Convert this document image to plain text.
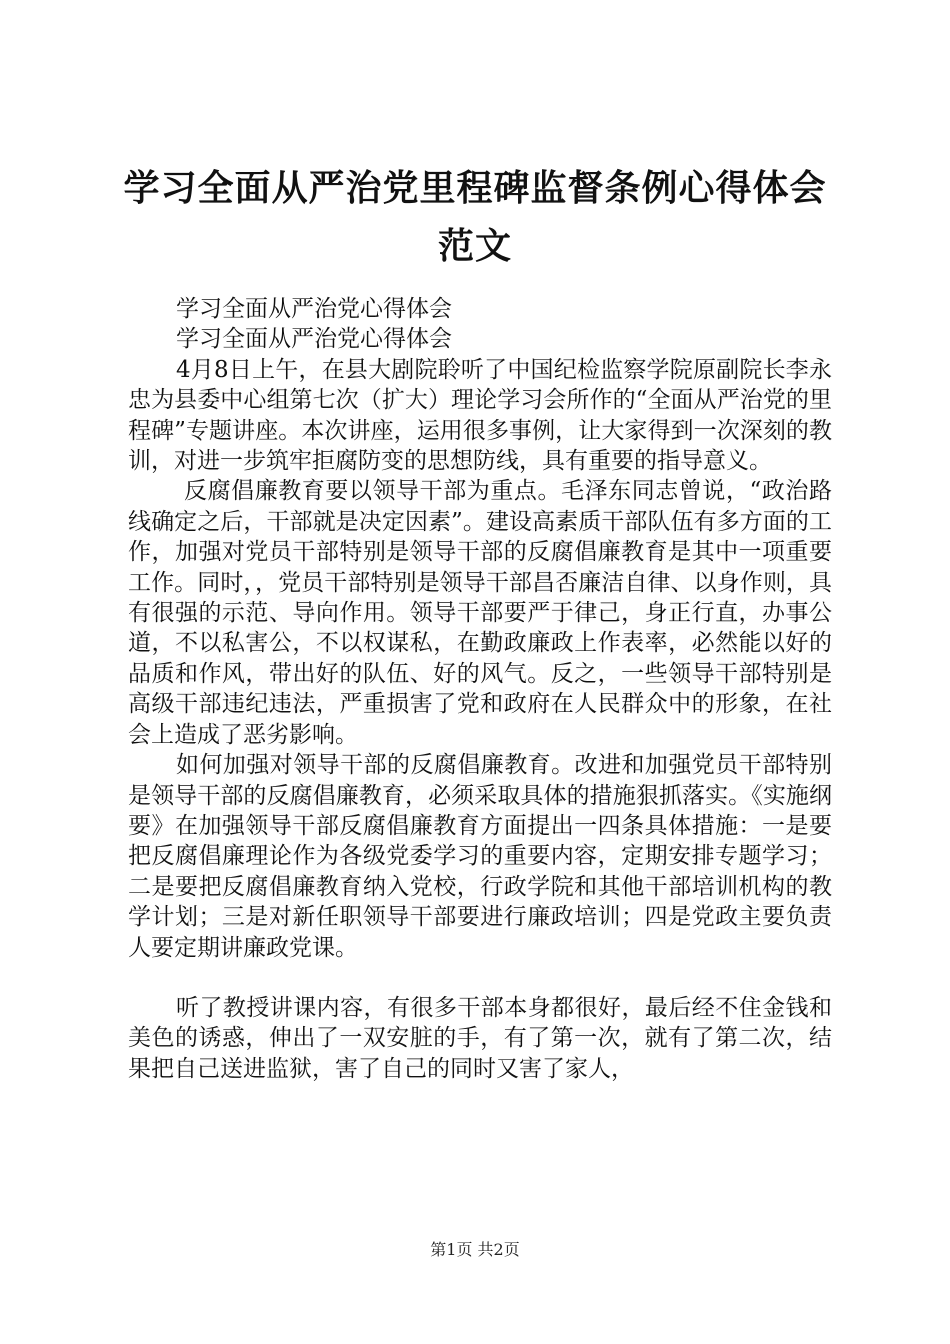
学习全面从严治党里程碑监督条例心得体会范文

学习全面从严治党心得体会

学习全面从严治党心得体会

4月8日上午，在县大剧院聆听了中国纪检监察学院原副院长李永忠为县委中心组第七次（扩大）理论学习会所作的“全面从严治党的里程碑”专题讲座。本次讲座，运用很多事例，让大家得到一次深刻的教训，对进一步筑牢拒腐防变的思想防线，具有重要的指导意义。

反腐倡廉教育要以领导干部为重点。毛泽东同志曾说，“政治路线确定之后，干部就是决定因素”。建设高素质干部队伍有多方面的工作，加强对党员干部特别是领导干部的反腐倡廉教育是其中一项重要工作。同时，，党员干部特别是领导干部昌否廉洁自律、以身作则，具有很强的示范、导向作用。领导干部要严于律己，身正行直，办事公道，不以私害公，不以权谋私，在勤政廉政上作表率，必然能以好的品质和作风，带出好的队伍、好的风气。反之，一些领导干部特别是高级干部违纪违法，严重损害了党和政府在人民群众中的形象，在社会上造成了恶劣影响。

如何加强对领导干部的反腐倡廉教育。改进和加强党员干部特别是领导干部的反腐倡廉教育，必须采取具体的措施狠抓落实。《实施纲要》在加强领导干部反腐倡廉教育方面提出一四条具体措施：一是要把反腐倡廉理论作为各级党委学习的重要内容，定期安排专题学习；二是要把反腐倡廉教育纳入党校，行政学院和其他干部培训机构的教学计划；三是对新任职领导干部要进行廉政培训；四是党政主要负责人要定期讲廉政党课。

听了教授讲课内容，有很多干部本身都很好，最后经不住金钱和美色的诱惑，伸出了一双安脏的手，有了第一次，就有了第二次，结果把自己送进监狱，害了自己的同时又害了家人，

第1页 共2页
